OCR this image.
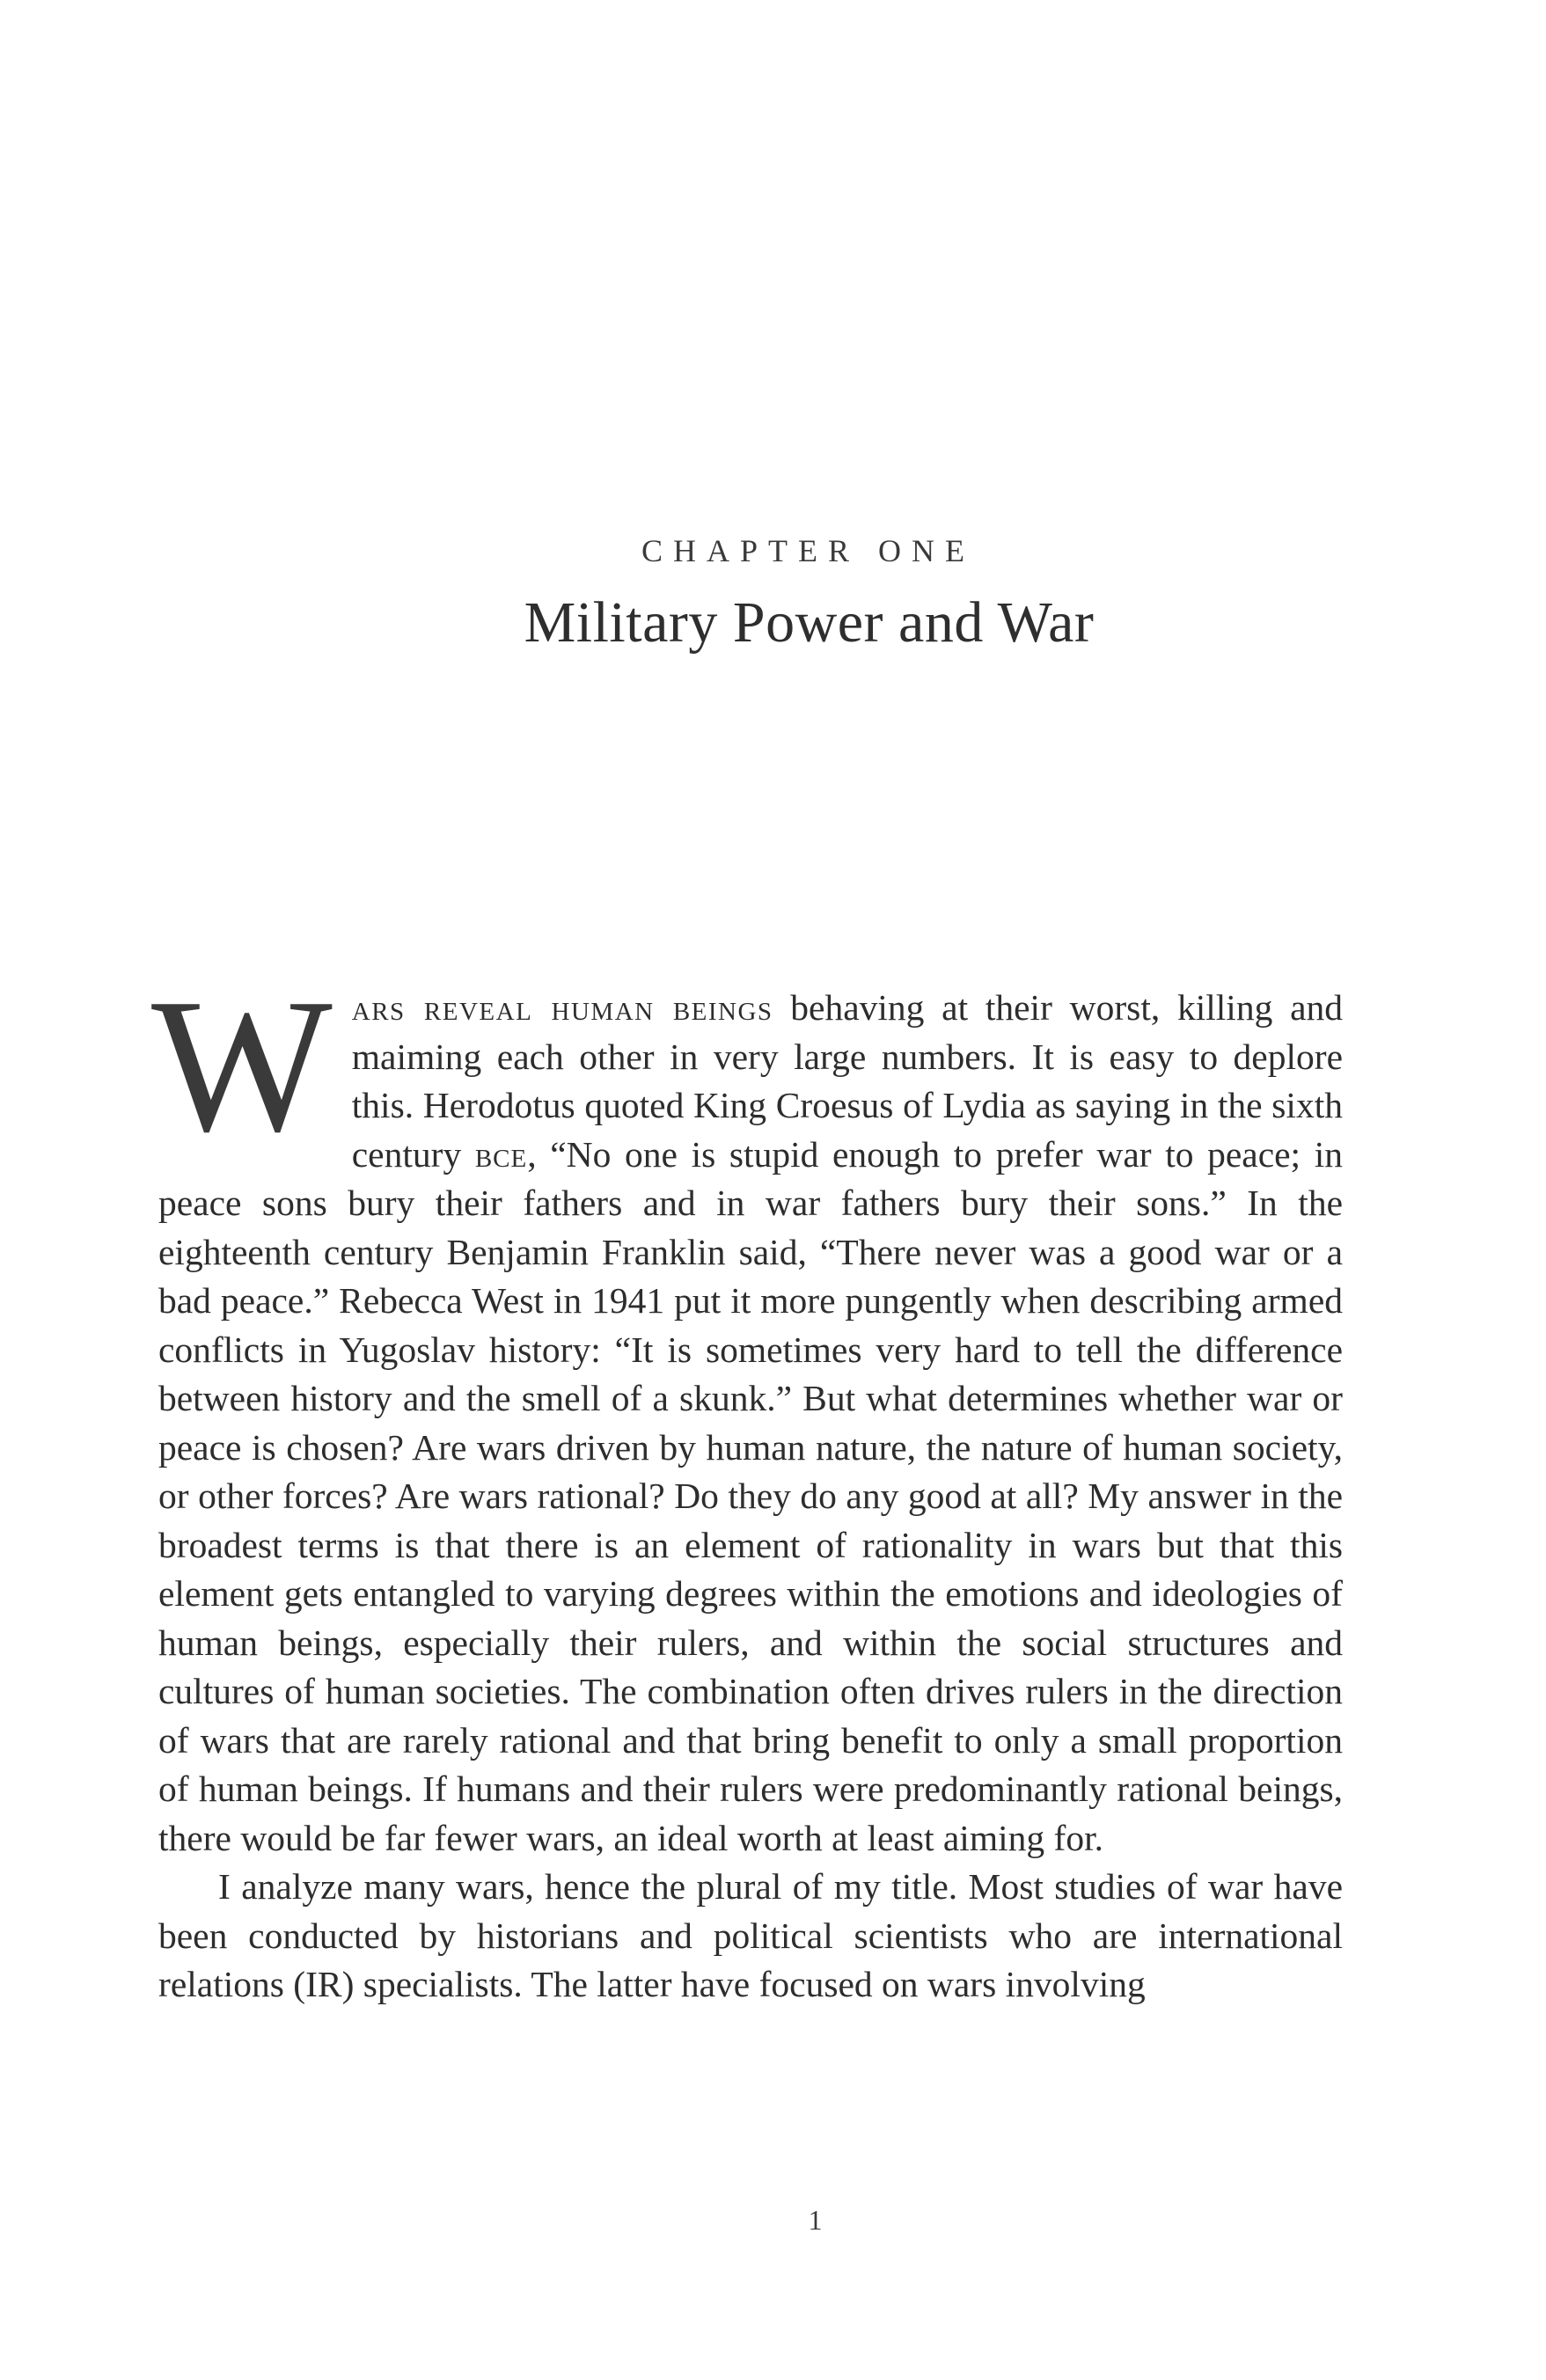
CHAPTER ONE
Military Power and War

Wars reveal human beings behaving at their worst, killing and maiming each other in very large numbers. It is easy to deplore this. Herodotus quoted King Croesus of Lydia as saying in the sixth century bce, “No one is stupid enough to prefer war to peace; in peace sons bury their fathers and in war fathers bury their sons.” In the eighteenth century Benjamin Franklin said, “There never was a good war or a bad peace.” Rebecca West in 1941 put it more pungently when describing armed conflicts in Yugoslav history: “It is sometimes very hard to tell the difference between history and the smell of a skunk.” But what determines whether war or peace is chosen? Are wars driven by human nature, the nature of human society, or other forces? Are wars rational? Do they do any good at all? My answer in the broadest terms is that there is an element of rationality in wars but that this element gets entangled to varying degrees within the emotions and ideologies of human beings, especially their rulers, and within the social structures and cultures of human societies. The combination often drives rulers in the direction of wars that are rarely rational and that bring benefit to only a small proportion of human beings. If humans and their rulers were predominantly rational beings, there would be far fewer wars, an ideal worth at least aiming for.

I analyze many wars, hence the plural of my title. Most studies of war have been conducted by historians and political scientists who are international relations (IR) specialists. The latter have focused on wars involving

1
